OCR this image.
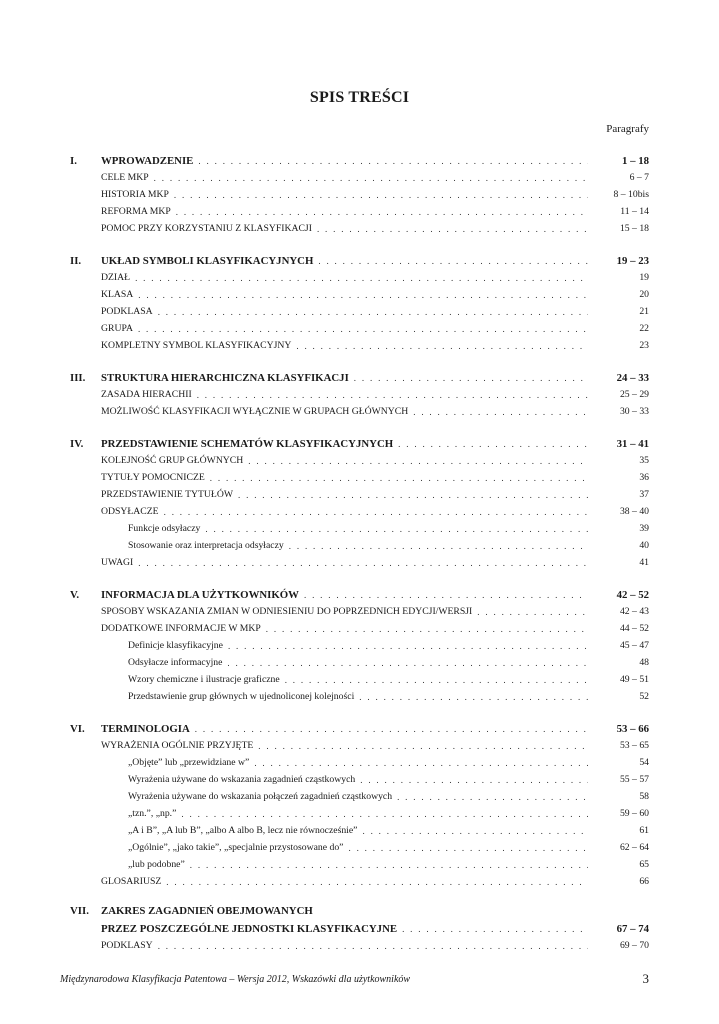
SPIS TREŚCI
Paragrafy
I.	WPROWADZENIE . . .	1 – 18
CELE MKP . . .	6 – 7
HISTORIA MKP . . .	8 – 10bis
REFORMA MKP . . .	11 – 14
POMOC PRZY KORZYSTANIU Z KLASYFIKACJI . . .	15 – 18
II.	UKŁAD SYMBOLI KLASYFIKACYJNYCH . . .	19 – 23
DZIAŁ . . .	19
KLASA . . .	20
PODKLASA . . .	21
GRUPA . . .	22
KOMPLETNY SYMBOL KLASYFIKACYJNY . . .	23
III.	STRUKTURA HIERARCHICZNA KLASYFIKACJI . . .	24 – 33
ZASADA HIERACHII . . .	25 – 29
MOŻLIWOŚĆ KLASYFIKACJI WYŁĄCZNIE W GRUPACH GŁÓWNYCH . . .	30 – 33
IV.	PRZEDSTAWIENIE SCHEMATÓW KLASYFIKACYJNYCH . . .	31 – 41
KOLEJNOŚĆ GRUP GŁÓWNYCH . . .	35
TYTUŁY POMOCNICZE . . .	36
PRZEDSTAWIENIE TYTUŁÓW . . .	37
ODSYŁACZE . . .	38 – 40
Funkcje odsyłaczy . . .	39
Stosowanie oraz interpretacja odsyłaczy . . .	40
UWAGI . . .	41
V.	INFORMACJA DLA UŻYTKOWNIKÓW . . .	42 – 52
SPOSOBY WSKAZANIA ZMIAN W ODNIESIENIU DO POPRZEDNICH EDYCJI/WERSJI . . .	42 – 43
DODATKOWE INFORMACJE W MKP . . .	44 – 52
Definicje klasyfikacyjne . . .	45 – 47
Odsyłacze informacyjne . . .	48
Wzory chemiczne i ilustracje graficzne . . .	49 – 51
Przedstawienie grup głównych w ujednoliconej kolejności . . .	52
VI.	TERMINOLOGIA . . .	53 – 66
WYRAŻENIA OGÓLNIE PRZYJĘTE . . .	53 – 65
„Objęte” lub „przewidziane w” . . .	54
Wyrażenia używane do wskazania zagadnień cząstkowych . . .	55 – 57
Wyrażenia używane do wskazania połączeń zagadnień cząstkowych . . .	58
„tzn.”, „np.” . . .	59 – 60
„A i B”, „A lub B”, „albo A albo B, lecz nie równocześnie” . . .	61
„Ogólnie”, „jako takie”, „specjalnie przystosowane do” . . .	62 – 64
„lub podobne” . . .	65
GLOSARIUSZ . . .	66
VII.	ZAKRES ZAGADNIEŃ OBEJMOWANYCH
PRZEZ POSZCZEGÓLNE JEDNOSTKI KLASYFIKACYJNE . . .	67 – 74
PODKLASY . . .	69 – 70
Międzynarodowa Klasyfikacja Patentowa – Wersja 2012, Wskazówki dla użytkowników	3
